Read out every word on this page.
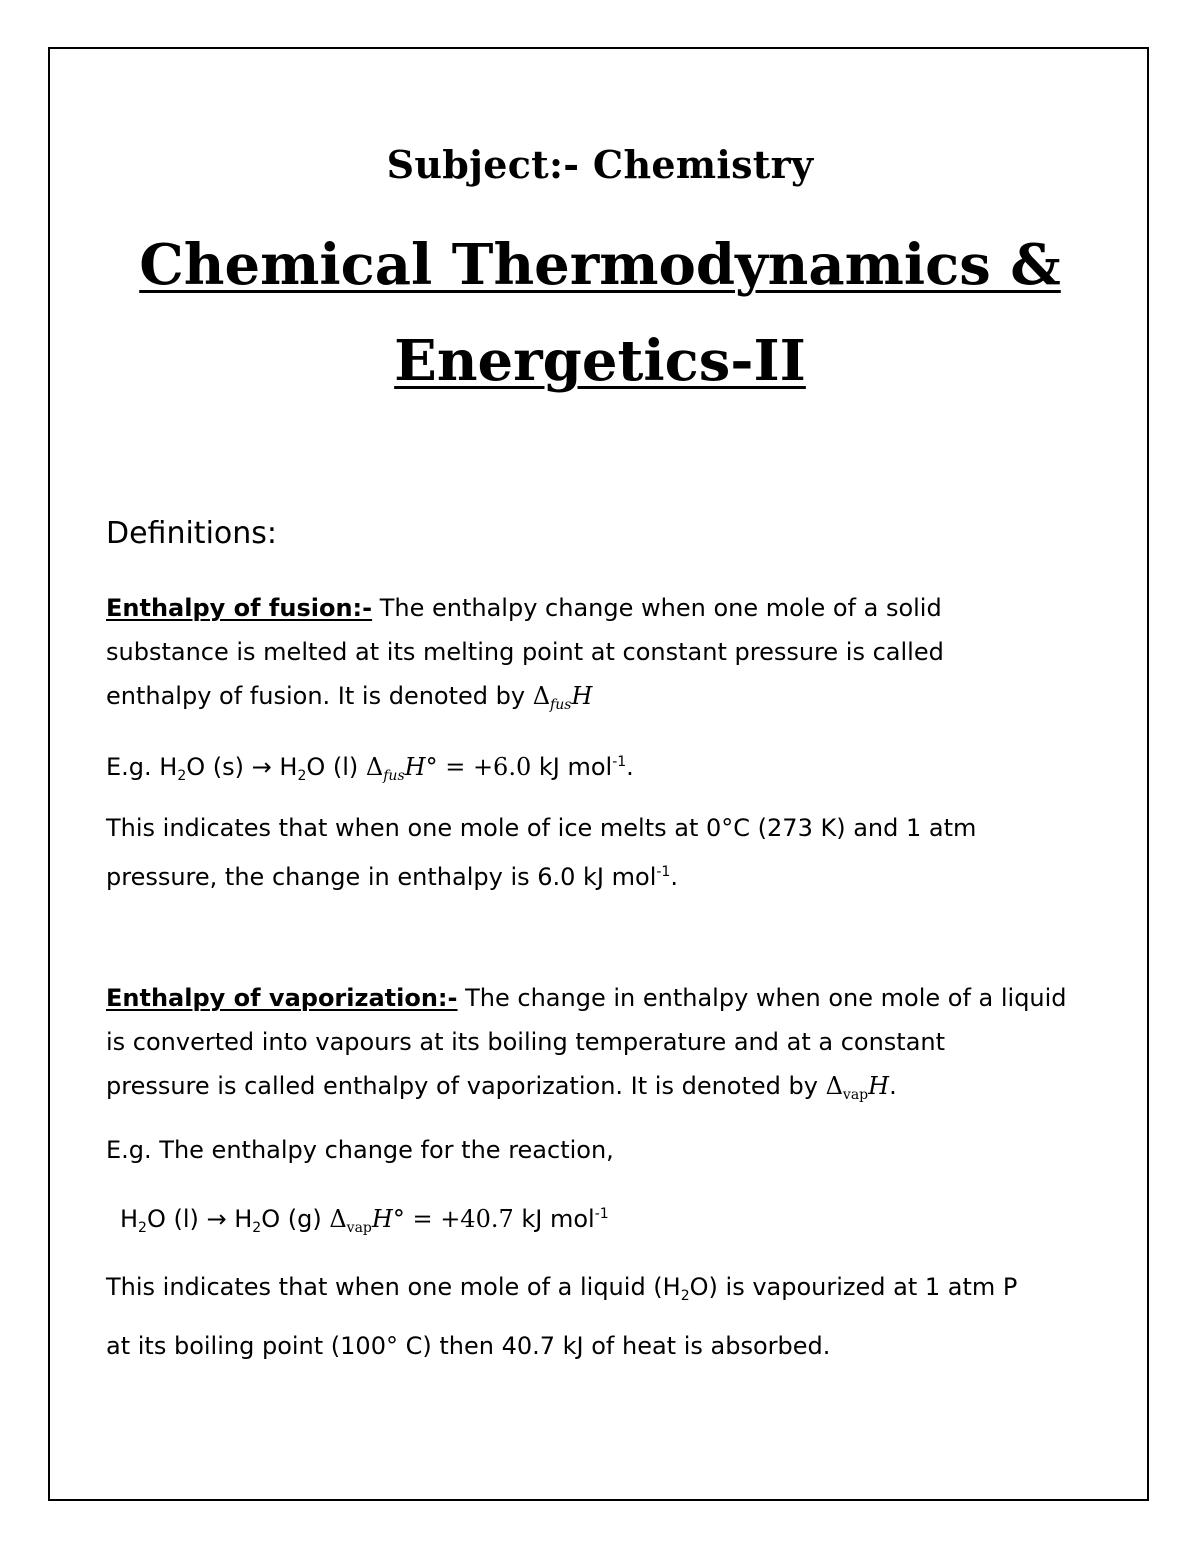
Subject:- Chemistry
Chemical Thermodynamics &
Energetics-II
Definitions:
Enthalpy of fusion:- The enthalpy change when one mole of a solid
substance is melted at its melting point at constant pressure is called
enthalpy of fusion. It is denoted by $\Delta_{fus}H$
E.g. $H_2O$ $(s) \to H_2O$ (l) $\Delta_{fus}H^\circ = +6.0$ kJ mol$^{-1}$.
This indicates that when one mole of ice melts at 0°C (273 K) and 1 atm
pressure, the change in enthalpy is 6.0 kJ mol$^{-1}$.
Enthalpy of vaporization:- The change in enthalpy when one mole of a liquid
is converted into vapours at its boiling temperature and at a constant
pressure is called enthalpy of vaporization. It is denoted by $\Delta_{vap}H$.
E.g. The enthalpy change for the reaction,
$H_2O$ $(l) \to H_2O$ (g) $\Delta_{vap}H^\circ = +40.7$ kJ mol$^{-1}$
This indicates that when one mole of a liquid $(H_2O)$ is vapourized at 1 atm P
at its boiling point (100° C) then 40.7 kJ of heat is absorbed.
